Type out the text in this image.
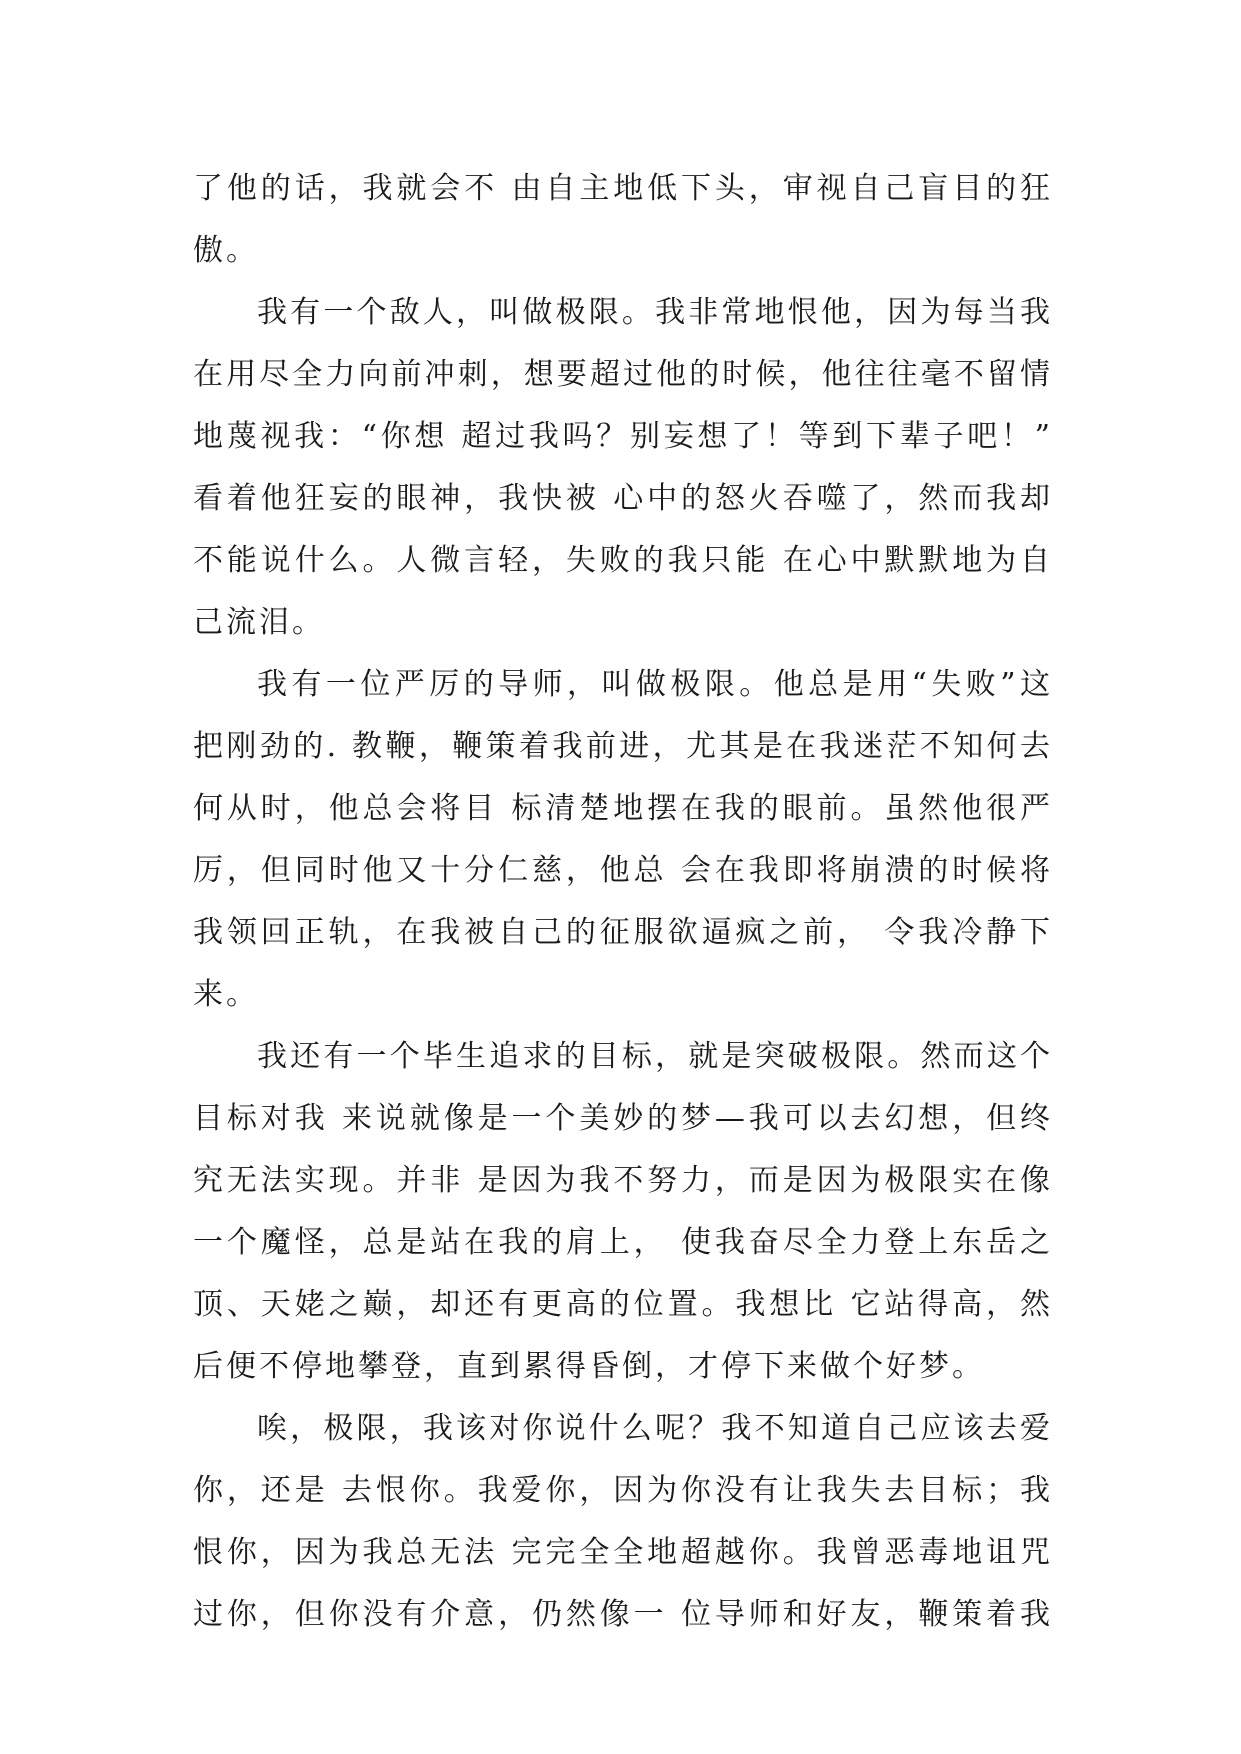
了他的话，我就会不 由自主地低下头，审视自己盲目的狂
傲。
我有一个敌人，叫做极限。我非常地恨他，因为每当我
在用尽全力向前冲刺，想要超过他的时候，他往往毫不留情
地蔑视我：“你想 超过我吗？别妄想了！等到下辈子吧！”
看着他狂妄的眼神，我快被 心中的怒火吞噬了，然而我却
不能说什么。人微言轻，失败的我只能 在心中默默地为自
己流泪。
我有一位严厉的导师，叫做极限。他总是用“失败”这
把刚劲的. 教鞭，鞭策着我前进，尤其是在我迷茫不知何去
何从时，他总会将目 标清楚地摆在我的眼前。虽然他很严
厉，但同时他又十分仁慈，他总 会在我即将崩溃的时候将
我领回正轨，在我被自己的征服欲逼疯之前， 令我冷静下
来。
我还有一个毕生追求的目标，就是突破极限。然而这个
目标对我 来说就像是一个美妙的梦—我可以去幻想，但终
究无法实现。并非 是因为我不努力，而是因为极限实在像
一个魔怪，总是站在我的肩上， 使我奋尽全力登上东岳之
顶、天姥之巅，却还有更高的位置。我想比 它站得高，然
后便不停地攀登，直到累得昏倒，才停下来做个好梦。
唉，极限，我该对你说什么呢？我不知道自己应该去爱
你，还是 去恨你。我爱你，因为你没有让我失去目标；我
恨你，因为我总无法 完完全全地超越你。我曾恶毒地诅咒
过你，但你没有介意，仍然像一 位导师和好友，鞭策着我
